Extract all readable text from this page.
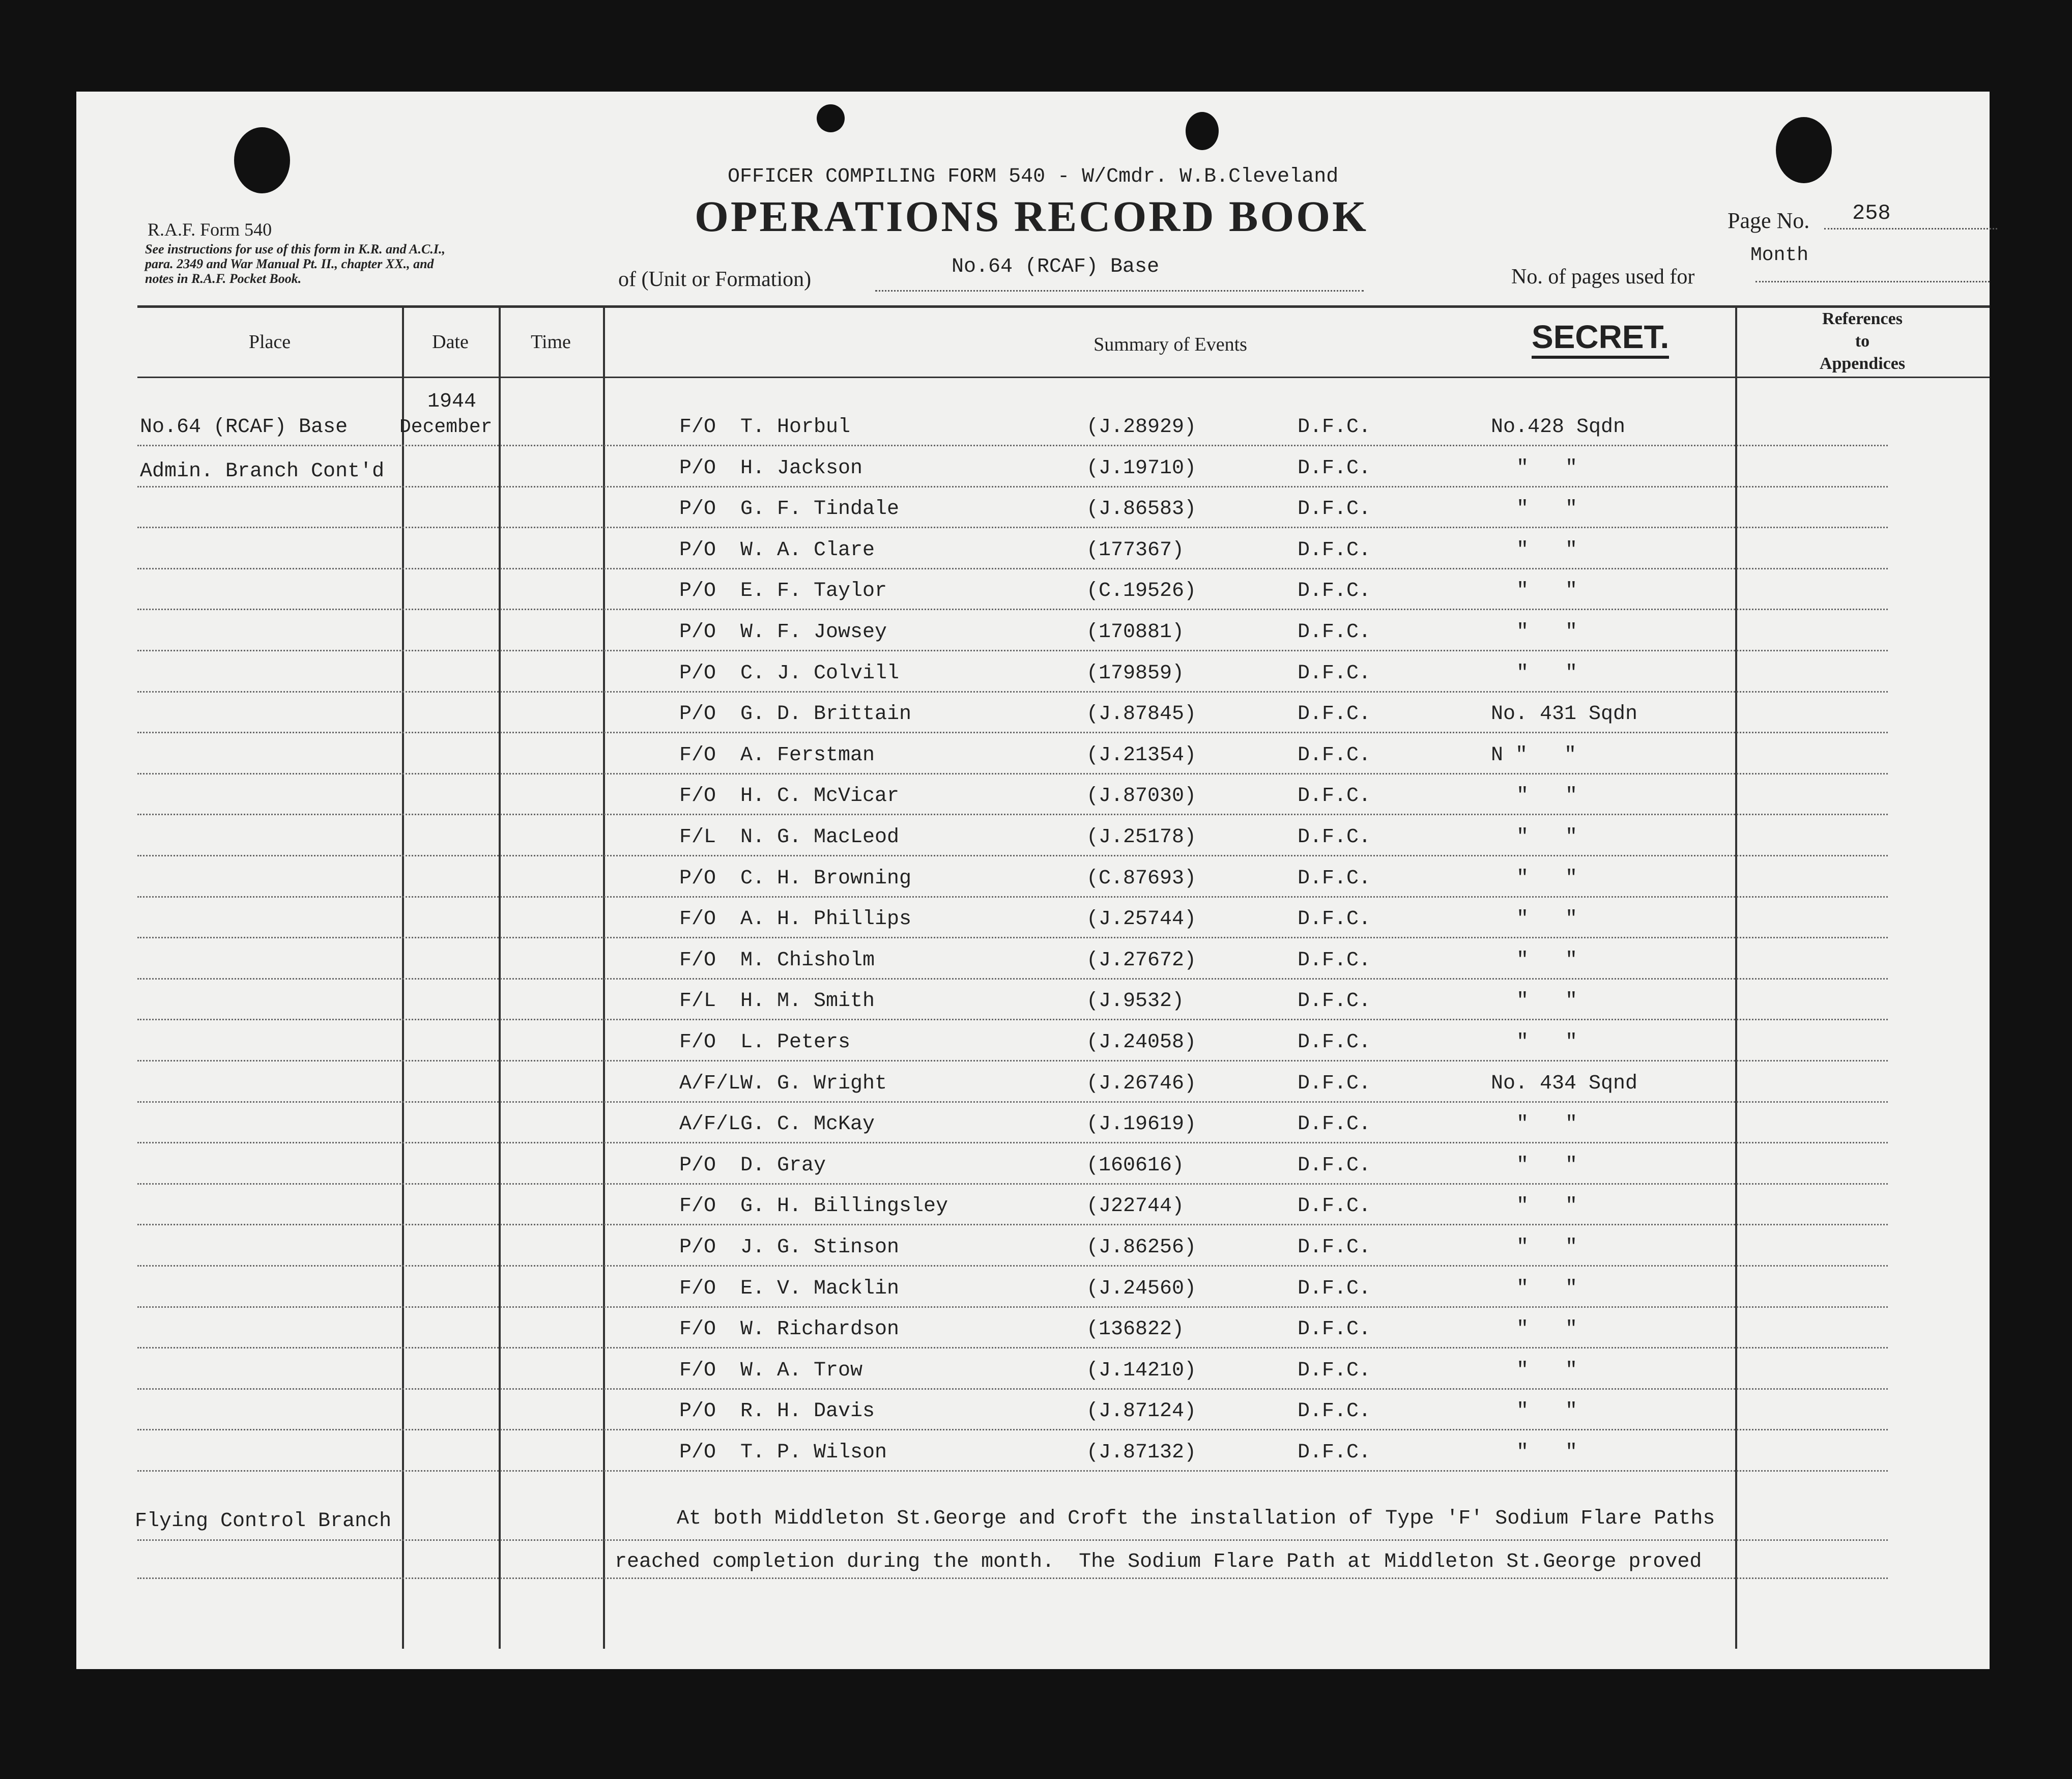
OFFICER COMPILING FORM 540 - W/Cmdr. W.B.Cleveland
OPERATIONS RECORD BOOK
R.A.F. Form 540
See instructions for use of this form in K.R. and A.C.I.,
para. 2349 and War Manual Pt. II., chapter XX., and
notes in R.A.F. Pocket Book.	of (Unit or Formation)
No.64 (RCAF) Base
Page No. 258
No. of pages used for
Month
Place	Date	Time	Summary of Events	SECRET.	References
to
Appendices
No.64 (RCAF) Base
Admin. Branch Cont'd
1944
December	F/O T. Horbul	(J.28929)	D.F.C.	No.428 Sqdn
P/O H. Jackson	(J.19710)	D.F.C.	"   "
P/O G. F. Tindale	(J.86583)	D.F.C.	"   "
P/O W. A. Clare	(177367)	D.F.C.	"   "
P/O E. F. Taylor	(C.19526)	D.F.C.	"   "
P/O W. F. Jowsey	(170881)	D.F.C.	"   "
P/O C. J. Colvill	(179859)	D.F.C.	"   "
P/O G. D. Brittain	(J.87845)	D.F.C.	No. 431 Sqdn
F/O A. Ferstman	(J.21354)	D.F.C.	N "   "
F/O H. C. McVicar	(J.87030)	D.F.C.	"   "
F/L N. G. MacLeod	(J.25178)	D.F.C.	"   "
P/O C. H. Browning	(C.87693)	D.F.C.	"   "
F/O A. H. Phillips	(J.25744)	D.F.C.	"   "
F/O M. Chisholm	(J.27672)	D.F.C.	"   "
F/L H. M. Smith	(J.9532)	D.F.C.	"   "
F/O L. Peters	(J.24058)	D.F.C.	"   "
A/F/L W. G. Wright	(J.26746)	D.F.C.	No. 434 Sqnd
A/F/L G. C. McKay	(J.19619)	D.F.C.	"   "
P/O D. Gray	(160616)	D.F.C.	"   "
F/O G. H. Billingsley	(J22744)	D.F.C.	"   "
P/O J. G. Stinson	(J.86256)	D.F.C.	"   "
F/O E. V. Macklin	(J.24560)	D.F.C.	"   "
F/O W. Richardson	(136822)	D.F.C.	"   "
F/O W. A. Trow	(J.14210)	D.F.C.	"   "
P/O R. H. Davis	(J.87124)	D.F.C.	"   "
P/O T. P. Wilson	(J.87132)	D.F.C.	"   "
Flying Control Branch	At both Middleton St.George and Croft the installation of Type 'F' Sodium Flare Paths
reached completion during the month.  The Sodium Flare Path at Middleton St.George proved
